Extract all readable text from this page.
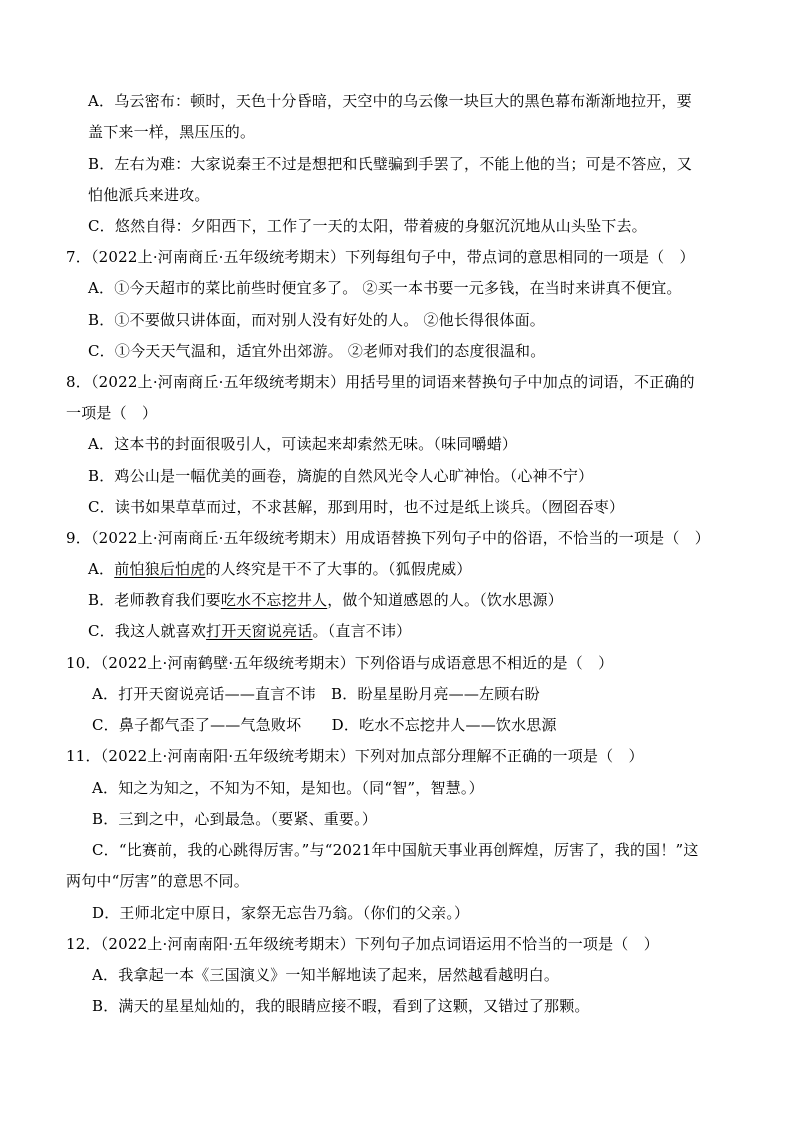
A．乌云密布：顿时，天色十分昏暗，天空中的乌云像一块巨大的黑色幕布渐渐地拉开，要
盖下来一样，黑压压的。
B．左右为难：大家说秦王不过是想把和氏璧骗到手罢了，不能上他的当；可是不答应，又
怕他派兵来进攻。
C．悠然自得：夕阳西下，工作了一天的太阳，带着疲的身躯沉沉地从山头坠下去。
7．（2022上·河南商丘·五年级统考期末）下列每组句子中，带点词的意思相同的一项是（　）
A．①今天超市的菜比前些时便宜多了。 ②买一本书要一元多钱，在当时来讲真不便宜。
B．①不要做只讲体面，而对别人没有好处的人。 ②他长得很体面。
C．①今天天气温和，适宜外出郊游。 ②老师对我们的态度很温和。
8．（2022上·河南商丘·五年级统考期末）用括号里的词语来替换句子中加点的词语，不正确的
一项是（　）
A．这本书的封面很吸引人，可读起来却索然无味。（味同嚼蜡）
B．鸡公山是一幅优美的画卷，旖旎的自然风光令人心旷神怡。（心神不宁）
C．读书如果草草而过，不求甚解，那到用时，也不过是纸上谈兵。（囫囵吞枣）
9．（2022上·河南商丘·五年级统考期末）用成语替换下列句子中的俗语，不恰当的一项是（　）
A．前怕狼后怕虎的人终究是干不了大事的。（狐假虎威）
B．老师教育我们要吃水不忘挖井人，做个知道感恩的人。（饮水思源）
C．我这人就喜欢打开天窗说亮话。（直言不讳）
10．（2022上·河南鹤壁·五年级统考期末）下列俗语与成语意思不相近的是（　）
A．打开天窗说亮话——直言不讳　B．盼星星盼月亮——左顾右盼
C．鼻子都气歪了——气急败坏　　D．吃水不忘挖井人——饮水思源
11．（2022上·河南南阳·五年级统考期末）下列对加点部分理解不正确的一项是（　）
A．知之为知之，不知为不知，是知也。（同“智”，智慧。）
B．三到之中，心到最急。（要紧、重要。）
C．“比赛前，我的心跳得厉害。”与“2021年中国航天事业再创辉煌，厉害了，我的国！”这
两句中“厉害”的意思不同。
D．王师北定中原日，家祭无忘告乃翁。（你们的父亲。）
12．（2022上·河南南阳·五年级统考期末）下列句子加点词语运用不恰当的一项是（　）
A．我拿起一本《三国演义》一知半解地读了起来，居然越看越明白。
B．满天的星星灿灿的，我的眼睛应接不暇，看到了这颗，又错过了那颗。
